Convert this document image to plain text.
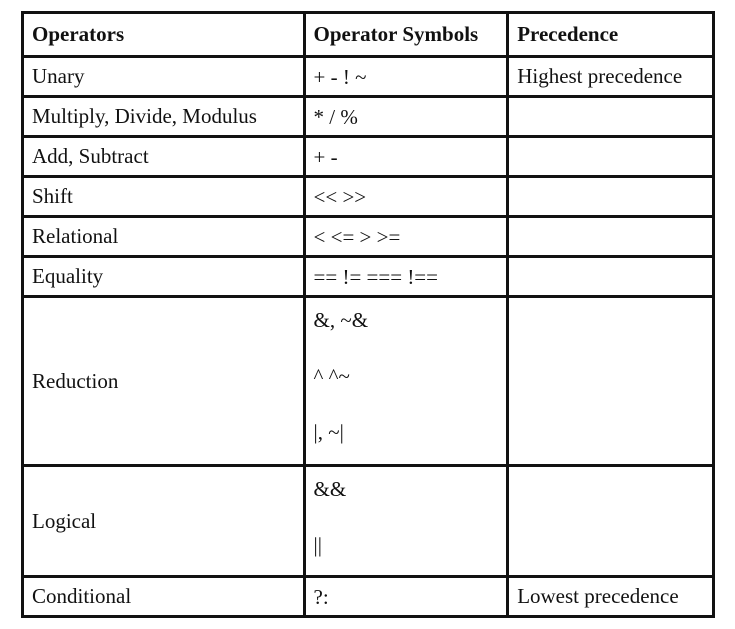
Operators	Operator Symbols	Precedence
Unary	+ - ! ~	Highest precedence
Multiply, Divide, Modulus	* / %	

Add, Subtract	+ -	

Shift	<< >>	

Relational	< <= > >=	

Equality	== != === !==	

Reduction	&, ~&
^ ^~
|, ~|	

Logical	&&
||	

Conditional	?:	Lowest precedence
